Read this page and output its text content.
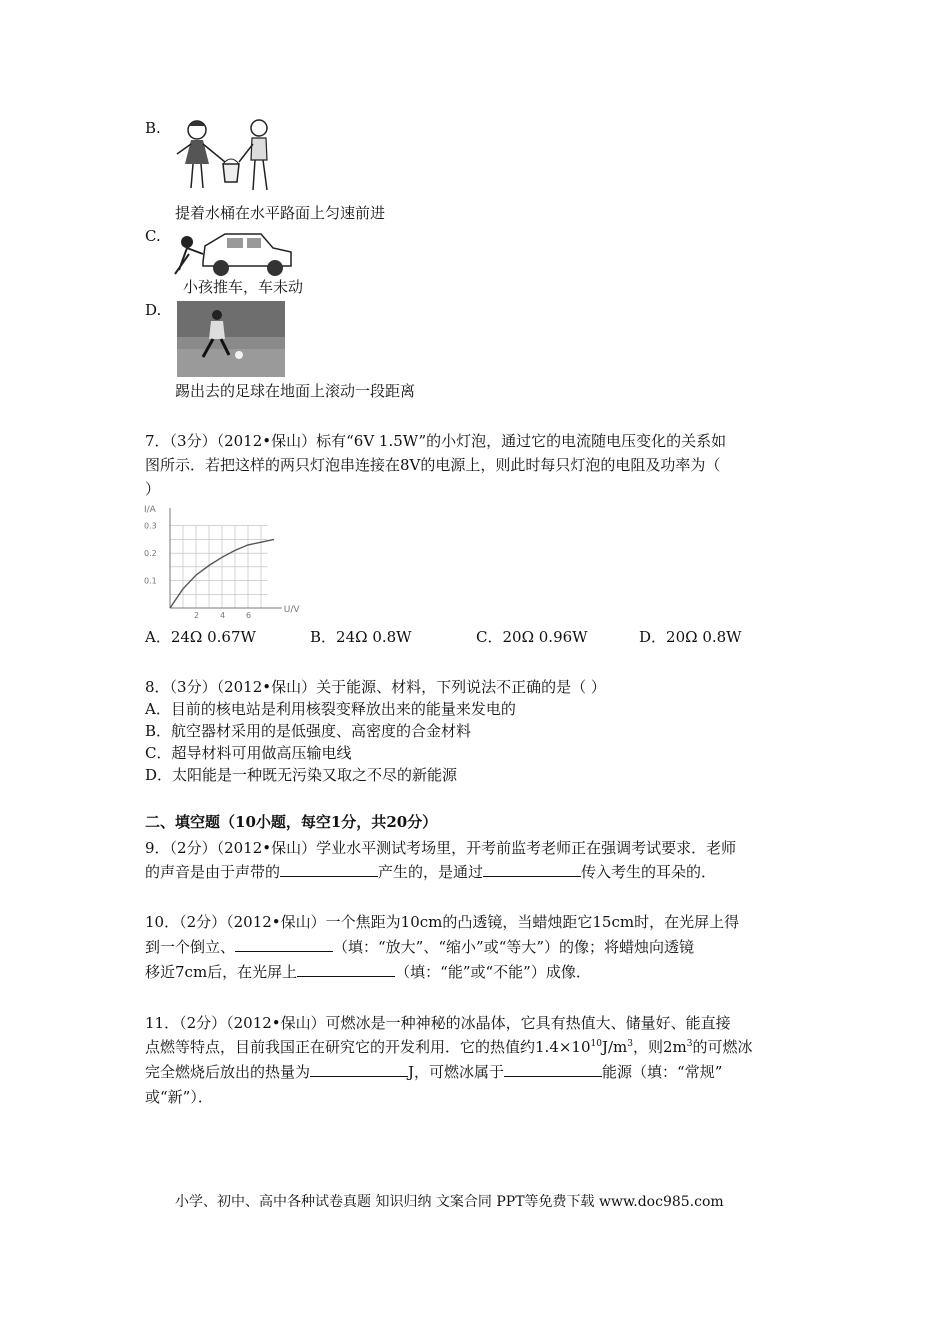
B.
提着水桶在水平路面上匀速前进
C.
小孩推车，车未动
D.
踢出去的足球在地面上滚动一段距离
7．（3分）（2012•保山）标有“6V 1.5W”的小灯泡，通过它的电流随电压变化的关系如
图所示．若把这样的两只灯泡串连接在8V的电源上，则此时每只灯泡的电阻及功率为（
）
I/A
U/V
0.1
0.2
0.3
2	4	6
A．24Ω 0.67W	B．24Ω 0.8W	C．20Ω 0.96W	D．20Ω 0.8W
8．（3分）（2012•保山）关于能源、材料，下列说法不正确的是（ ）
A．目前的核电站是利用核裂变释放出来的能量来发电的
B．航空器材采用的是低强度、高密度的合金材料
C．超导材料可用做高压输电线
D．太阳能是一种既无污染又取之不尽的新能源
二、填空题（10小题，每空1分，共20分）
9．（2分）（2012•保山）学业水平测试考场里，开考前监考老师正在强调考试要求．老师
的声音是由于声带的	产生的，是通过	传入考生的耳朵的．
10．（2分）（2012•保山）一个焦距为10cm的凸透镜，当蜡烛距它15cm时，在光屏上得
到一个倒立、	（填：“放大”、“缩小”或“等大”）的像；将蜡烛向透镜
移近7cm后，在光屏上	（填：“能”或“不能”）成像．
11．（2分）（2012•保山）可燃冰是一种神秘的冰晶体，它具有热值大、储量好、能直接
点燃等特点，目前我国正在研究它的开发利用．它的热值约$1.4\times 10^{10}J/m^3$，则$2m^3$的可燃冰
完全燃烧后放出的热量为	J，可燃冰属于	能源（填：“常规”
或“新”）．
小学、初中、高中各种试卷真题 知识归纳 文案合同 PPT等免费下载 www.doc985.com
